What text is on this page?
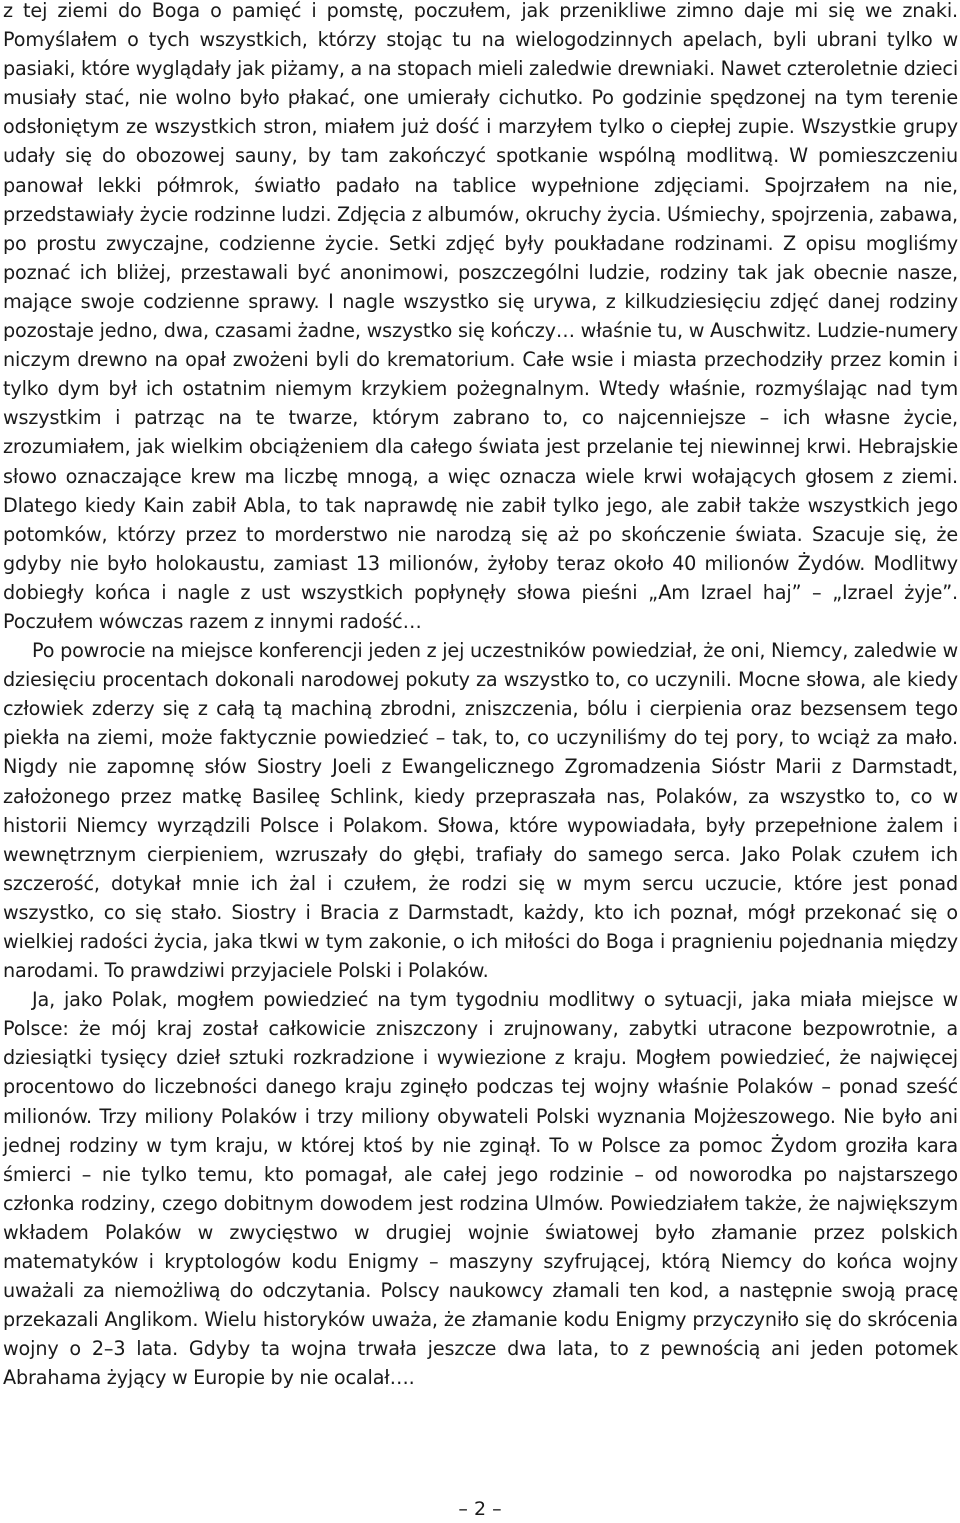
z tej ziemi do Boga o pamięć i pomstę, poczułem, jak przenikliwe zimno daje mi się we znaki. Pomyślałem o tych wszystkich, którzy stojąc tu na wielogodzinnych apelach, byli ubrani tylko w pasiaki, które wyglądały jak piżamy, a na stopach mieli zaledwie drewniaki. Nawet czteroletnie dzieci musiały stać, nie wolno było płakać, one umierały cichutko. Po godzinie spędzonej na tym terenie odsłoniętym ze wszystkich stron, miałem już dość i marzyłem tylko o ciepłej zupie. Wszystkie grupy udały się do obozowej sauny, by tam zakończyć spotkanie wspólną modlitwą. W pomieszczeniu panował lekki półmrok, światło padało na tablice wypełnione zdjęciami. Spojrzałem na nie, przedstawiały życie rodzinne ludzi. Zdjęcia z albumów, okruchy życia. Uśmiechy, spojrzenia, zabawa, po prostu zwyczajne, codzienne życie. Setki zdjęć były poukładane rodzinami. Z opisu mogliśmy poznać ich bliżej, przestawali być anonimowi, poszczególni ludzie, rodziny tak jak obecnie nasze, mające swoje codzienne sprawy. I nagle wszystko się urywa, z kilkudziesięciu zdjęć danej rodziny pozostaje jedno, dwa, czasami żadne, wszystko się kończy… właśnie tu, w Auschwitz. Ludzie-numery niczym drewno na opał zwożeni byli do krematorium. Całe wsie i miasta przechodziły przez komin i tylko dym był ich ostatnim niemym krzykiem pożegnalnym. Wtedy właśnie, rozmyślając nad tym wszystkim i patrząc na te twarze, którym zabrano to, co najcenniejsze – ich własne życie, zrozumiałem, jak wielkim obciążeniem dla całego świata jest przelanie tej niewinnej krwi. Hebrajskie słowo oznaczające krew ma liczbę mnogą, a więc oznacza wiele krwi wołających głosem z ziemi. Dlatego kiedy Kain zabił Abla, to tak naprawdę nie zabił tylko jego, ale zabił także wszystkich jego potomków, którzy przez to morderstwo nie narodzą się aż po skończenie świata. Szacuje się, że gdyby nie było holokaustu, zamiast 13 milionów, żyłoby teraz około 40 milionów Żydów. Modlitwy dobiegły końca i nagle z ust wszystkich popłynęły słowa pieśni „Am Izrael haj” – „Izrael żyje”. Poczułem wówczas razem z innymi radość…

Po powrocie na miejsce konferencji jeden z jej uczestników powiedział, że oni, Niemcy, zaledwie w dziesięciu procentach dokonali narodowej pokuty za wszystko to, co uczynili. Mocne słowa, ale kiedy człowiek zderzy się z całą tą machiną zbrodni, zniszczenia, bólu i cierpienia oraz bezsensem tego piekła na ziemi, może faktycznie powiedzieć – tak, to, co uczyniliśmy do tej pory, to wciąż za mało. Nigdy nie zapomnę słów Siostry Joeli z Ewangelicznego Zgromadzenia Sióstr Marii z Darmstadt, założonego przez matkę Basileę Schlink, kiedy przepraszała nas, Polaków, za wszystko to, co w historii Niemcy wyrządzili Polsce i Polakom. Słowa, które wypowiadała, były przepełnione żalem i wewnętrznym cierpieniem, wzruszały do głębi, trafiały do samego serca. Jako Polak czułem ich szczerość, dotykał mnie ich żal i czułem, że rodzi się w mym sercu uczucie, które jest ponad wszystko, co się stało. Siostry i Bracia z Darmstadt, każdy, kto ich poznał, mógł przekonać się o wielkiej radości życia, jaka tkwi w tym zakonie, o ich miłości do Boga i pragnieniu pojednania między narodami. To prawdziwi przyjaciele Polski i Polaków.

Ja, jako Polak, mogłem powiedzieć na tym tygodniu modlitwy o sytuacji, jaka miała miejsce w Polsce: że mój kraj został całkowicie zniszczony i zrujnowany, zabytki utracone bezpowrotnie, a dziesiątki tysięcy dzieł sztuki rozkradzione i wywiezione z kraju. Mogłem powiedzieć, że najwięcej procentowo do liczebności danego kraju zginęło podczas tej wojny właśnie Polaków – ponad sześć milionów. Trzy miliony Polaków i trzy miliony obywateli Polski wyznania Mojżeszowego. Nie było ani jednej rodziny w tym kraju, w której ktoś by nie zginął. To w Polsce za pomoc Żydom groziła kara śmierci – nie tylko temu, kto pomagał, ale całej jego rodzinie – od noworodka po najstarszego członka rodziny, czego dobitnym dowodem jest rodzina Ulmów. Powiedziałem także, że największym wkładem Polaków w zwycięstwo w drugiej wojnie światowej było złamanie przez polskich matematyków i kryptologów kodu Enigmy – maszyny szyfrującej, którą Niemcy do końca wojny uważali za niemożliwą do odczytania. Polscy naukowcy złamali ten kod, a następnie swoją pracę przekazali Anglikom. Wielu historyków uważa, że złamanie kodu Enigmy przyczyniło się do skrócenia wojny o 2–3 lata. Gdyby ta wojna trwała jeszcze dwa lata, to z pewnością ani jeden potomek Abrahama żyjący w Europie by nie ocalał….

– 2 –
